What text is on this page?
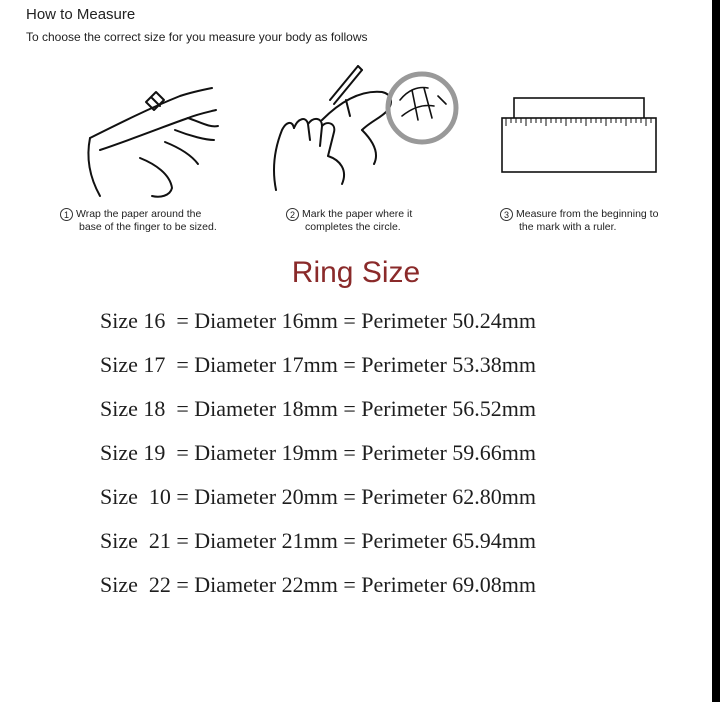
How to Measure
To choose the correct size for you measure your body as follows
1 Wrap the paper around the
base of the finger to be sized.
2 Mark the paper where it
completes the circle.
3 Measure from the beginning to
the mark with a ruler.
Ring Size
Size 16  = Diameter 16mm = Perimeter 50.24mm
Size 17  = Diameter 17mm = Perimeter 53.38mm
Size 18  = Diameter 18mm = Perimeter 56.52mm
Size 19  = Diameter 19mm = Perimeter 59.66mm
Size  10 = Diameter 20mm = Perimeter 62.80mm
Size  21 = Diameter 21mm = Perimeter 65.94mm
Size  22 = Diameter 22mm = Perimeter 69.08mm
